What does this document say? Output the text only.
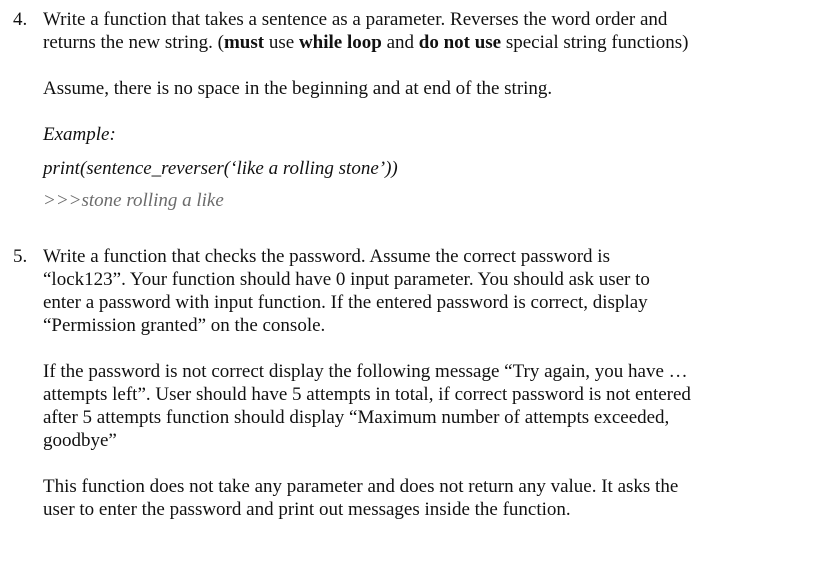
4. Write a function that takes a sentence as a parameter. Reverses the word order and

returns the new string. (must use while loop and do not use special string functions)

Assume, there is no space in the beginning and at end of the string.

Example:

print(sentence_reverser(‘like a rolling stone’))

>>>stone rolling a like

5. Write a function that checks the password. Assume the correct password is

“lock123”. Your function should have 0 input parameter. You should ask user to

enter a password with input function. If the entered password is correct, display

“Permission granted” on the console.

If the password is not correct display the following message “Try again, you have …

attempts left”. User should have 5 attempts in total, if correct password is not entered

after 5 attempts function should display “Maximum number of attempts exceeded,

goodbye”

This function does not take any parameter and does not return any value. It asks the

user to enter the password and print out messages inside the function.
